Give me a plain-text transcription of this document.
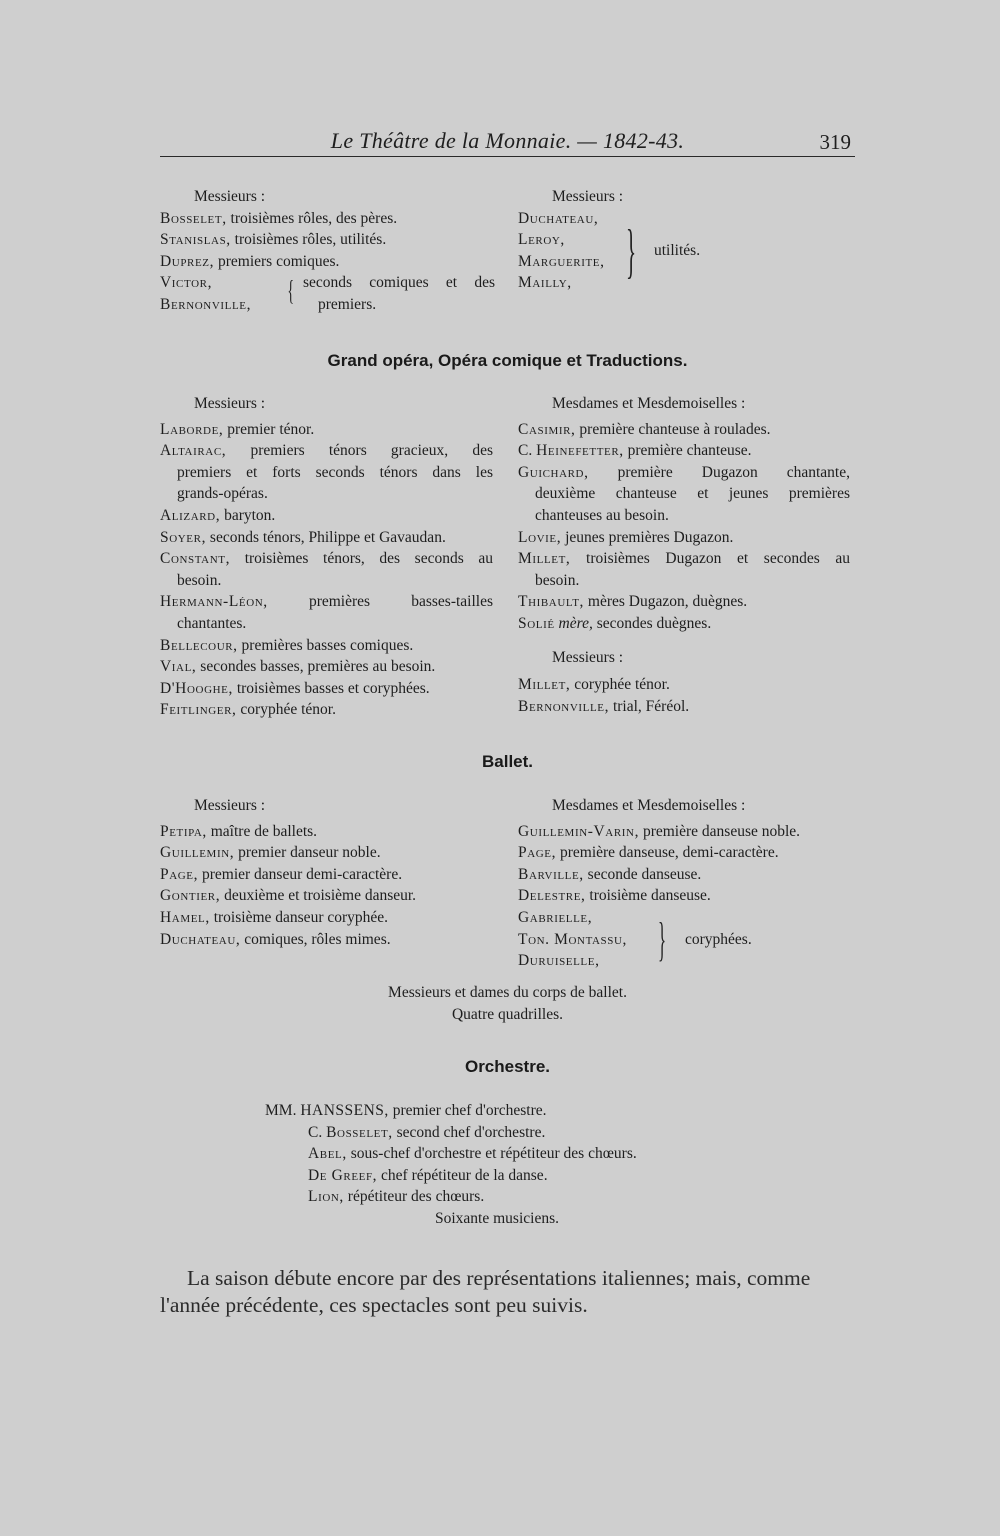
Le Théâtre de la Monnaie. — 1842-43.	319
Messieurs :
Bosselet, troisièmes rôles, des pères.
Stanislas, troisièmes rôles, utilités.
Duprez, premiers comiques.
Victor,
Bernonville, { seconds comiques et des
premiers.
Messieurs :
Duchateau,
Leroy,
Marguerite,
Mailly, } utilités.
Grand opéra, Opéra comique et Traductions.
Messieurs :
Laborde, premier ténor.
Altairac, premiers ténors gracieux, des
premiers et forts seconds ténors dans les
grands-opéras.
Alizard, baryton.
Soyer, seconds ténors, Philippe et Gavaudan.
Constant, troisièmes ténors, des seconds au
besoin.
Hermann-Léon,	premières basses-tailles
chantantes.
Bellecour, premières basses comiques.
Vial, secondes basses, premières au besoin.
D'Hooghe, troisièmes basses et coryphées.
Feitlinger, coryphée ténor.
Mesdames et Mesdemoiselles :
Casimir, première chanteuse à roulades.
C. Heinefetter, première chanteuse.
Guichard, première Dugazon chantante,
deuxième chanteuse et jeunes premières
chanteuses au besoin.
Lovie, jeunes premières Dugazon.
Millet, troisièmes Dugazon et secondes au
besoin.
Thibault, mères Dugazon, duègnes.
Solié mère, secondes duègnes.
Messieurs :
Millet, coryphée ténor.
Bernonville, trial, Féréol.
Ballet.
Messieurs :
Petipa, maître de ballets.
Guillemin, premier danseur noble.
Page, premier danseur demi-caractère.
Gontier, deuxième et troisième danseur.
Hamel, troisième danseur coryphée.
Duchateau, comiques, rôles mimes.
Mesdames et Mesdemoiselles :
Guillemin-Varin, première danseuse noble.
Page, première danseuse, demi-caractère.
Barville, seconde danseuse.
Delestre, troisième danseuse.
Gabrielle,
Ton. Montassu,
Duruiselle,	} coryphées.
Messieurs et dames du corps de ballet.
Quatre quadrilles.
Orchestre.
MM. HANSSENS, premier chef d'orchestre.
C. Bosselet, second chef d'orchestre.
Abel, sous-chef d'orchestre et répétiteur des chœurs.
De Greef, chef répétiteur de la danse.
Lion, répétiteur des chœurs.
Soixante musiciens.
La saison débute encore par des représentations italiennes; mais, comme l'année précédente, ces spectacles sont peu suivis.
